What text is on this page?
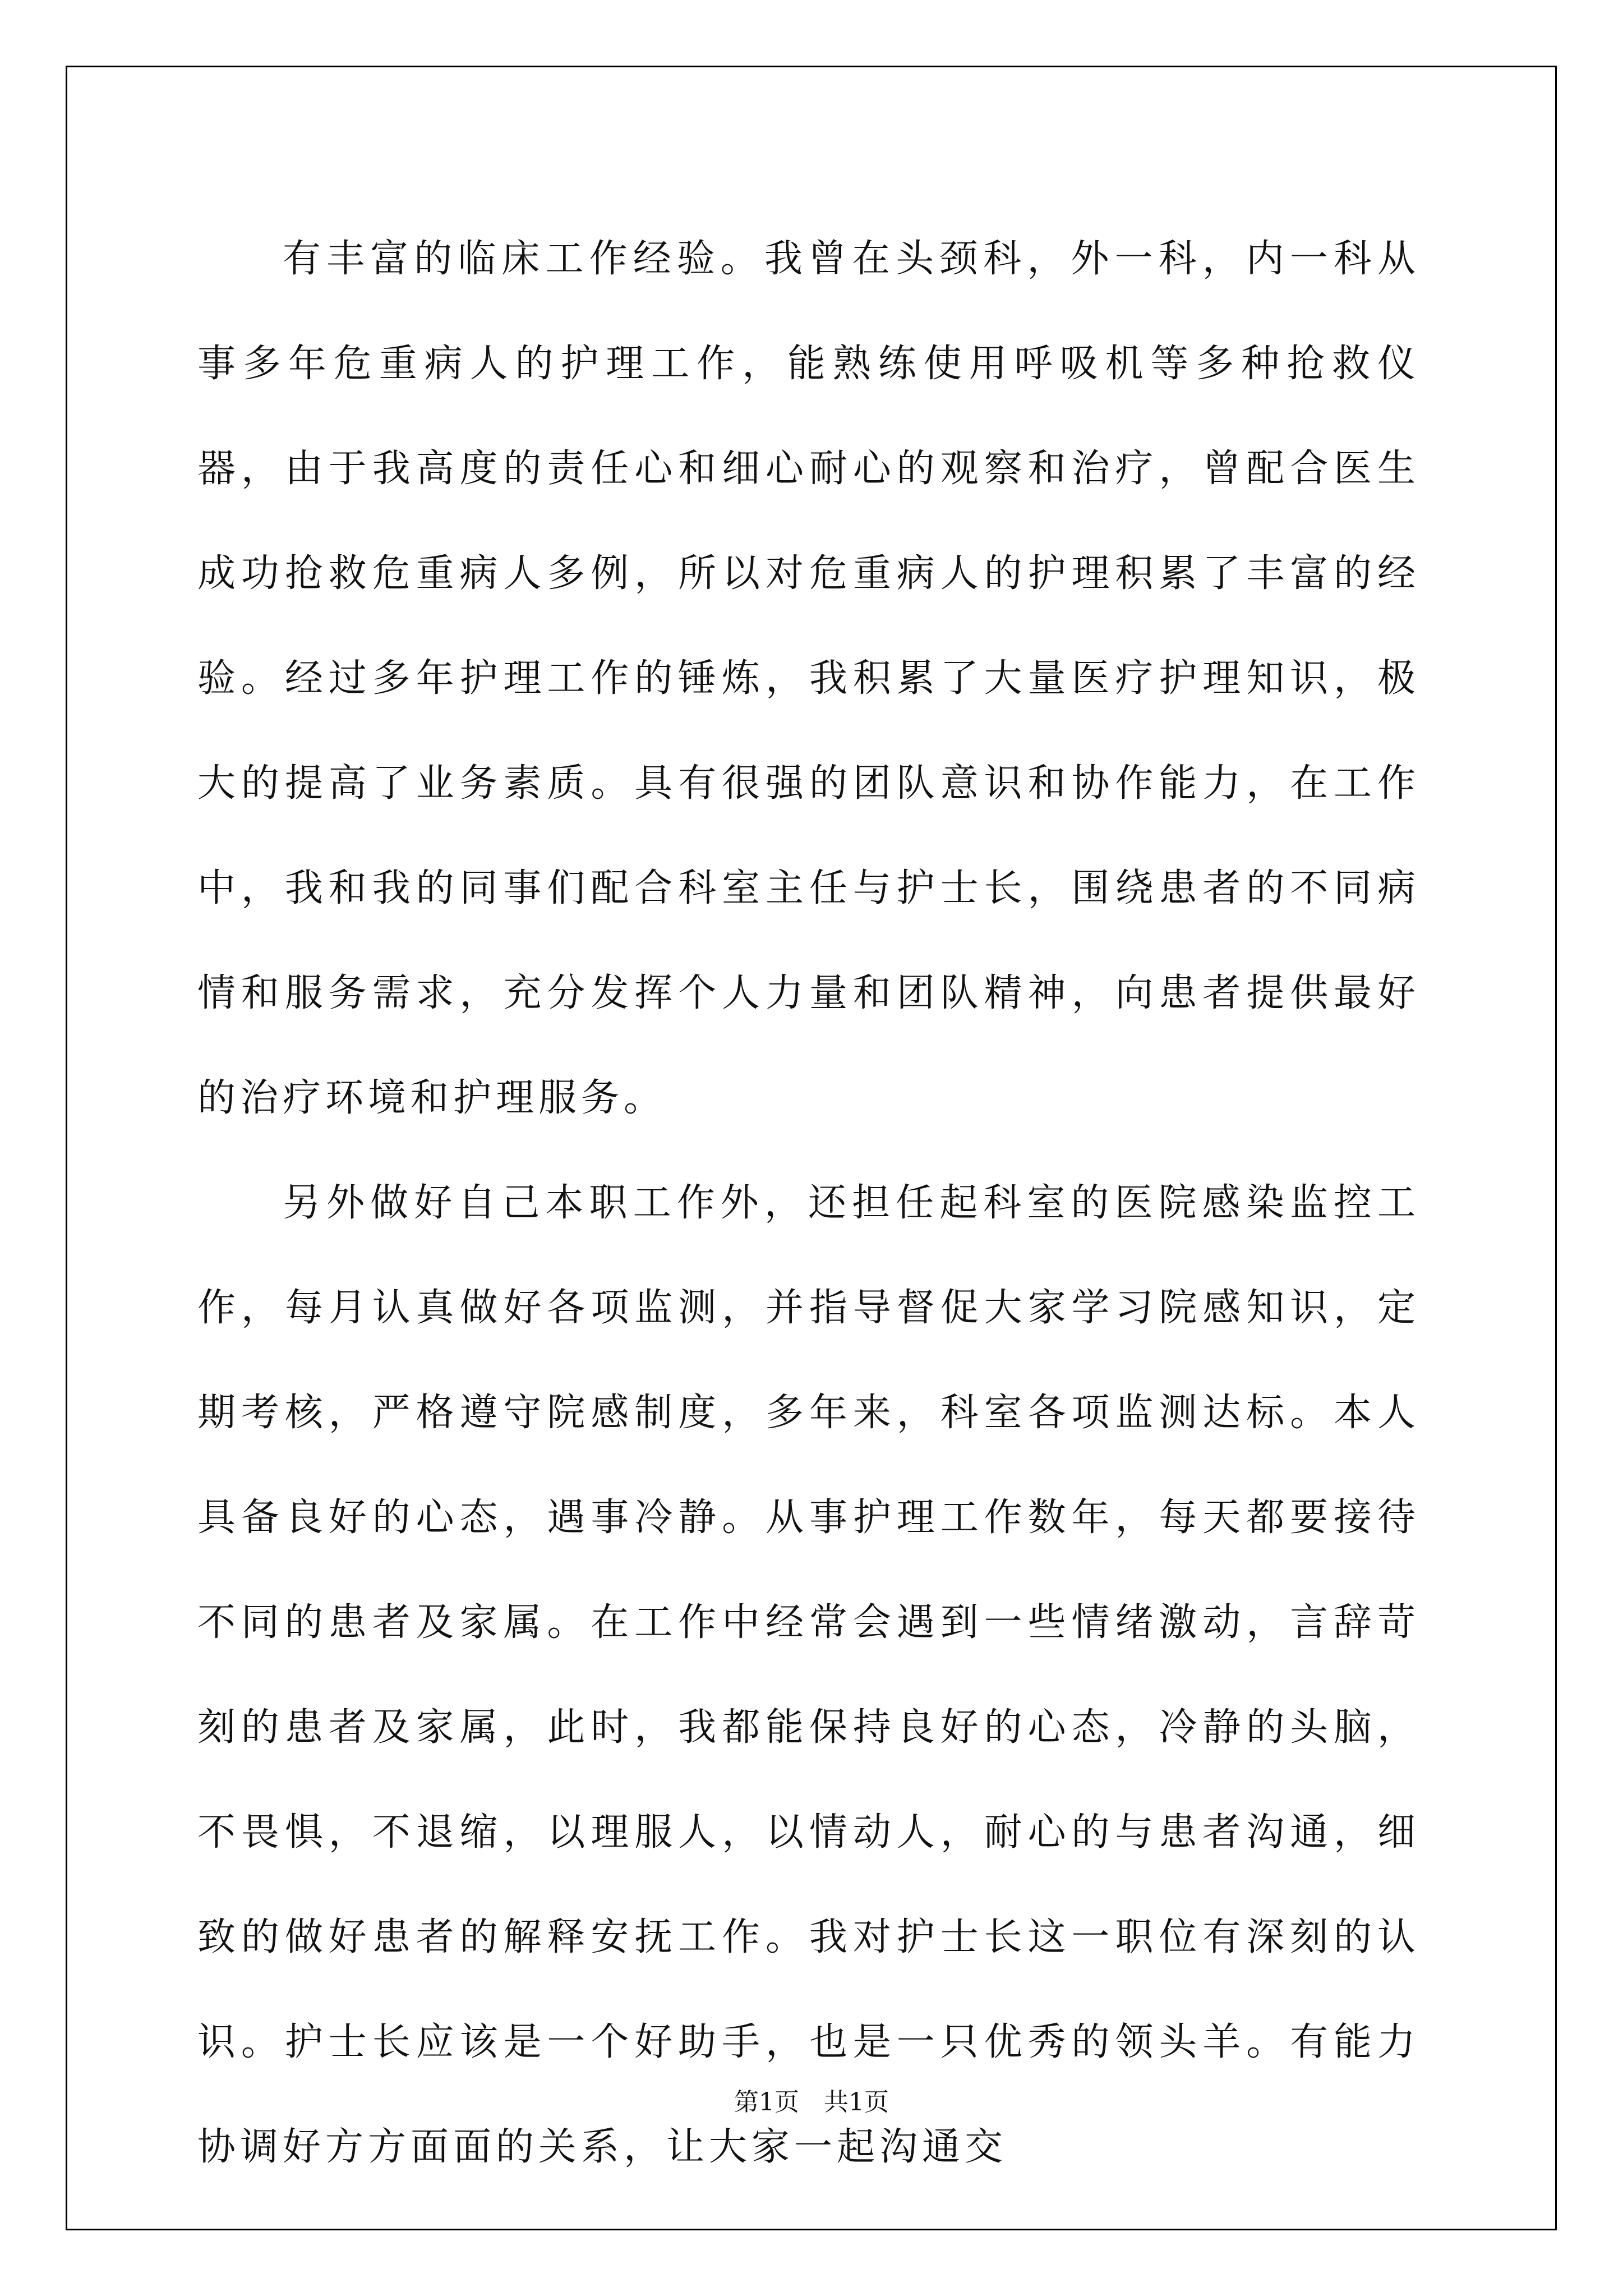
有丰富的临床工作经验。我曾在头颈科，外一科，内一科从事多年危重病人的护理工作，能熟练使用呼吸机等多种抢救仪器，由于我高度的责任心和细心耐心的观察和治疗，曾配合医生成功抢救危重病人多例，所以对危重病人的护理积累了丰富的经验。经过多年护理工作的锤炼，我积累了大量医疗护理知识，极大的提高了业务素质。具有很强的团队意识和协作能力，在工作中，我和我的同事们配合科室主任与护士长，围绕患者的不同病情和服务需求，充分发挥个人力量和团队精神，向患者提供最好的治疗环境和护理服务。

另外做好自己本职工作外，还担任起科室的医院感染监控工作，每月认真做好各项监测，并指导督促大家学习院感知识，定期考核，严格遵守院感制度，多年来，科室各项监测达标。本人具备良好的心态，遇事冷静。从事护理工作数年，每天都要接待不同的患者及家属。在工作中经常会遇到一些情绪激动，言辞苛刻的患者及家属，此时，我都能保持良好的心态，冷静的头脑，不畏惧，不退缩，以理服人，以情动人，耐心的与患者沟通，细致的做好患者的解释安抚工作。我对护士长这一职位有深刻的认识。护士长应该是一个好助手，也是一只优秀的领头羊。有能力协调好方方面面的关系，让大家一起沟通交

第1页 共1页
